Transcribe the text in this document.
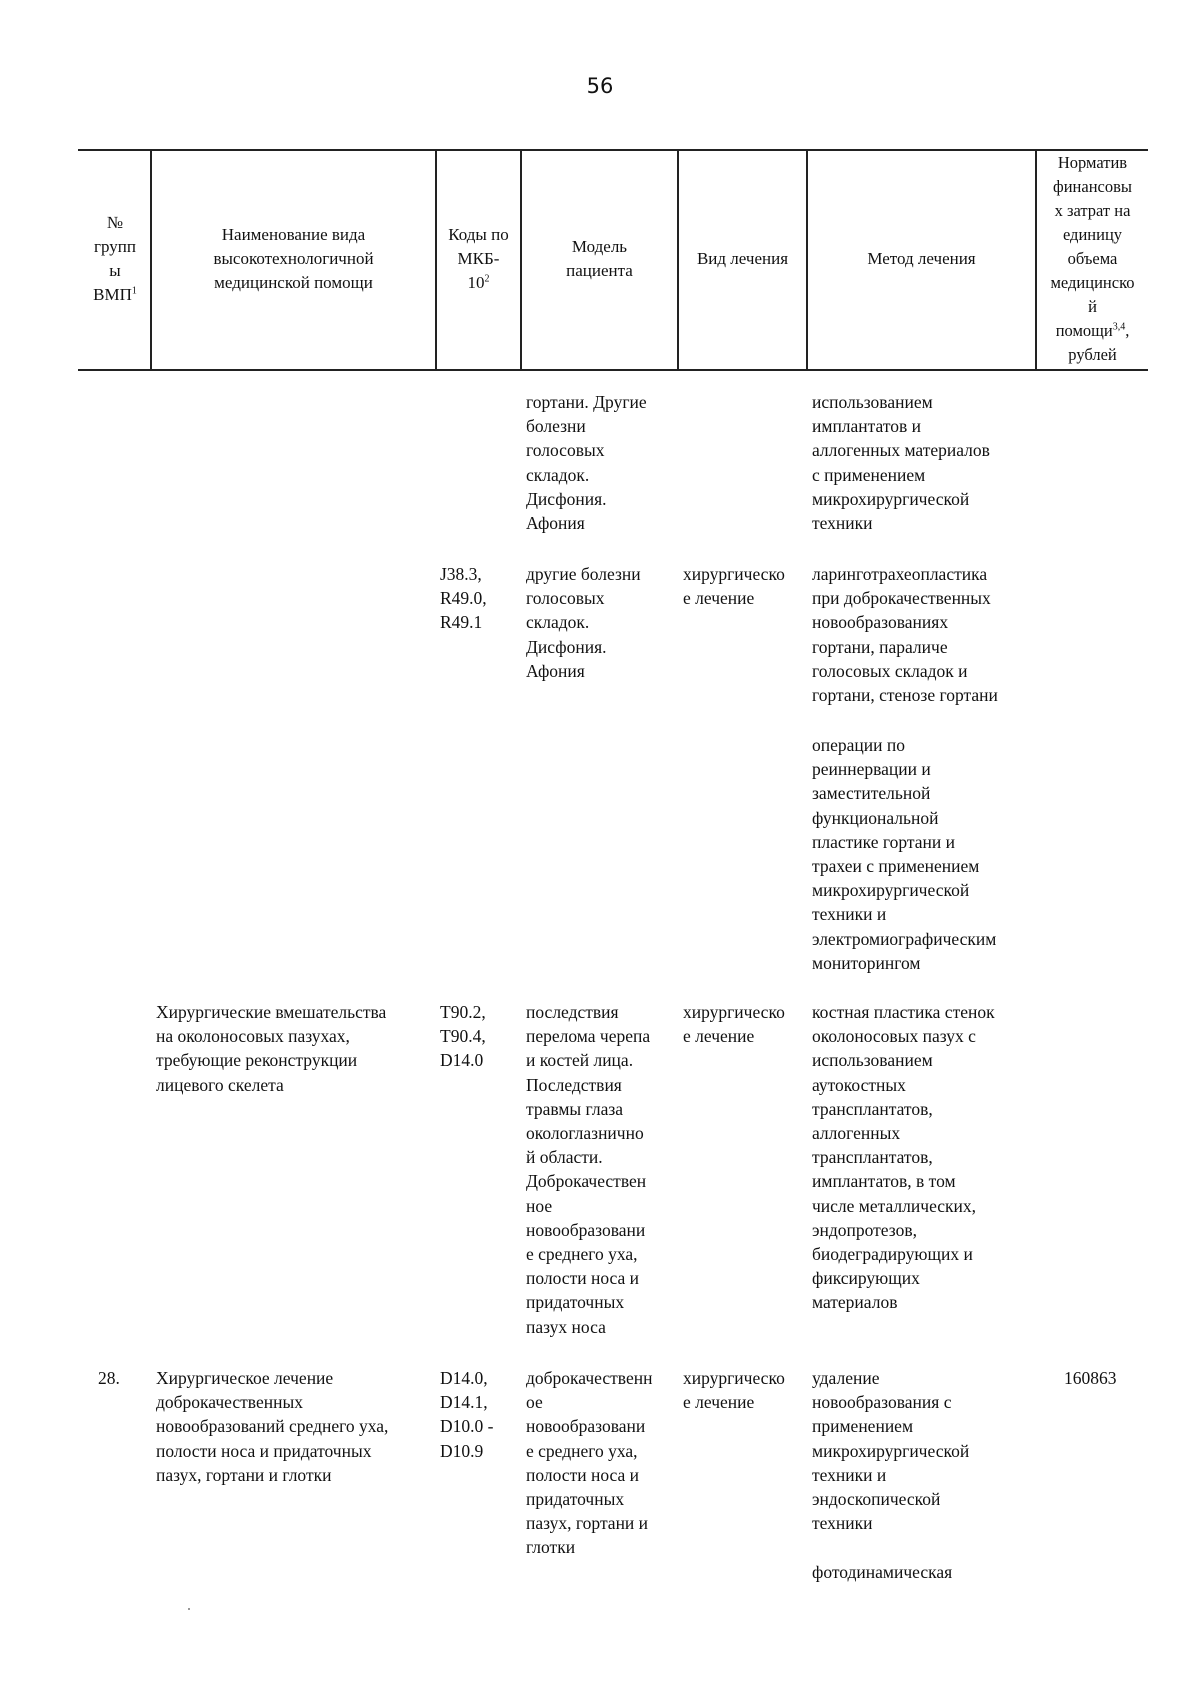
56
№
групп
ы
ВМП$^1$
Наименование вида
высокотехнологичной
медицинской помощи
Коды по
МКБ-
$10^2$
Модель
пациента
Вид лечения	Метод лечения
Норматив
финансовы
х затрат на
единицу
объема
медицинско
й
помощи$^{3,4}$, рублей

гортани. Другие
болезни
голосовых
складок.
Дисфония.
Афония

использованием
имплантатов и
аллогенных материалов
с применением
микрохирургической
техники

J38.3,
R49.0,
R49.1

другие болезни
голосовых
складок.
Дисфония.
Афония

хирургическо
е лечение

ларинготрахеопластика
при доброкачественных
новообразованиях
гортани, параличе
голосовых складок и
гортани, стенозе гортани

операции по
реиннервации и
заместительной
функциональной
пластике гортани и
трахеи с применением
микрохирургической
техники и
электромиографическим
мониторингом

Хирургические вмешательства
на околоносовых пазухах,
требующие реконструкции
лицевого скелета

T90.2,
T90.4,
D14.0

последствия
перелома черепа
и костей лица.
Последствия
травмы глаза
окологлазнично
й области.
Доброкачествен
ное
новообразовани
е среднего уха,
полости носа и
придаточных
пазух носа

хирургическо
е лечение

костная пластика стенок
околоносовых пазух с
использованием
аутокостных
трансплантатов,
аллогенных
трансплантатов,
имплантатов, в том
числе металлических,
эндопротезов,
биодеградирующих и
фиксирующих
материалов

28. Хирургическое лечение
доброкачественных
новообразований среднего уха,
полости носа и придаточных
пазух, гортани и глотки

D14.0,
D14.1,
D10.0 -
D10.9

доброкачественн
ое
новообразовани
е среднего уха,
полости носа и
придаточных
пазух, гортани и
глотки

хирургическо
е лечение

удаление
новообразования с
применением
микрохирургической
техники и
эндоскопической
техники

160863

фотодинамическая
